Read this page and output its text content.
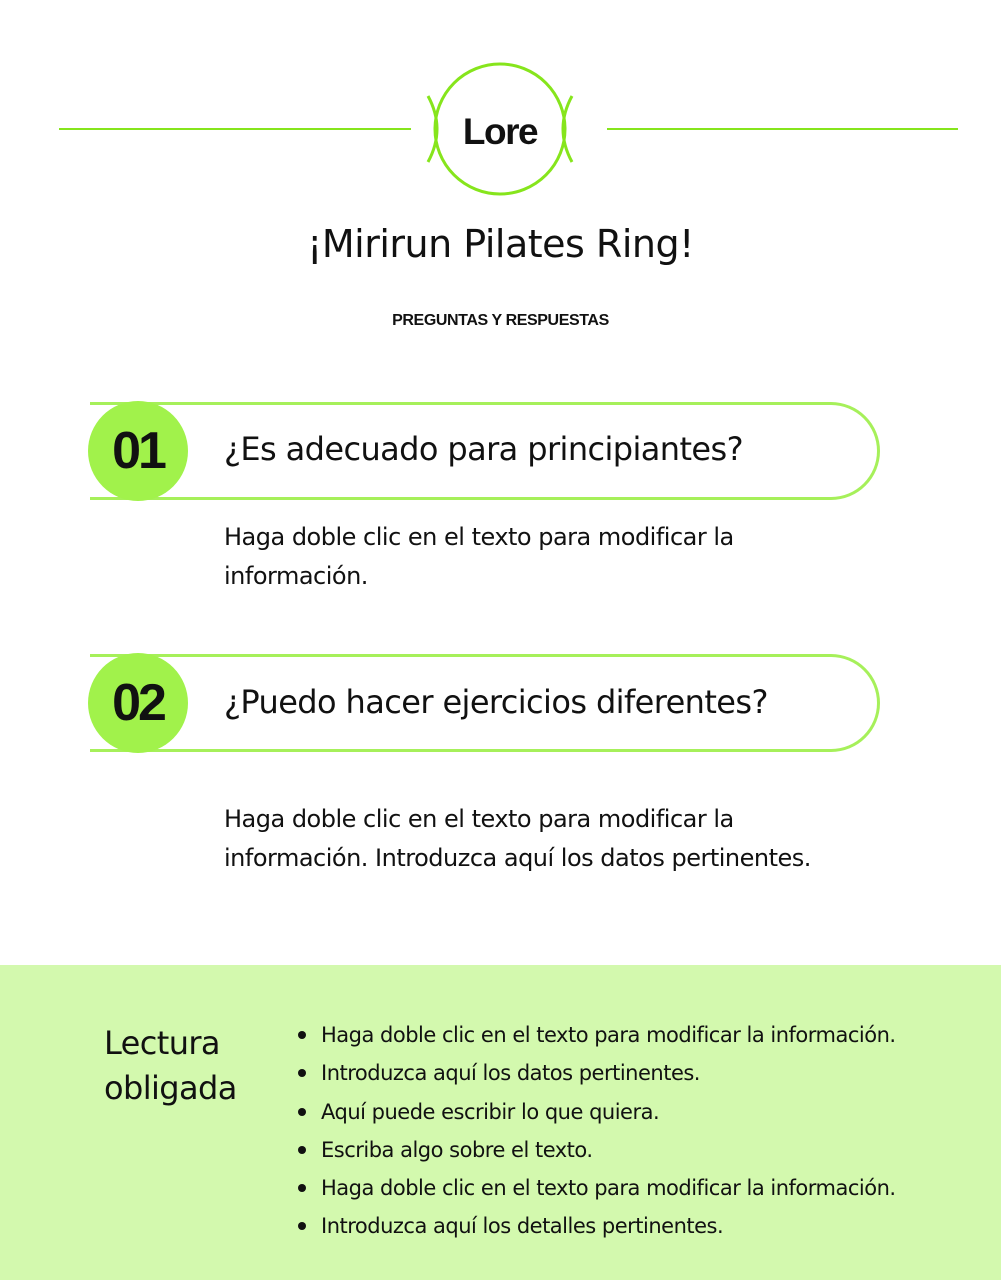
Lore
¡Mirirun Pilates Ring!
PREGUNTAS Y RESPUESTAS
01	¿Es adecuado para principiantes?
Haga doble clic en el texto para modificar la información.
02	¿Puedo hacer ejercicios diferentes?
Haga doble clic en el texto para modificar la información. Introduzca aquí los datos pertinentes.
Lectura obligada
Haga doble clic en el texto para modificar la información.
Introduzca aquí los datos pertinentes.
Aquí puede escribir lo que quiera.
Escriba algo sobre el texto.
Haga doble clic en el texto para modificar la información.
Introduzca aquí los detalles pertinentes.
